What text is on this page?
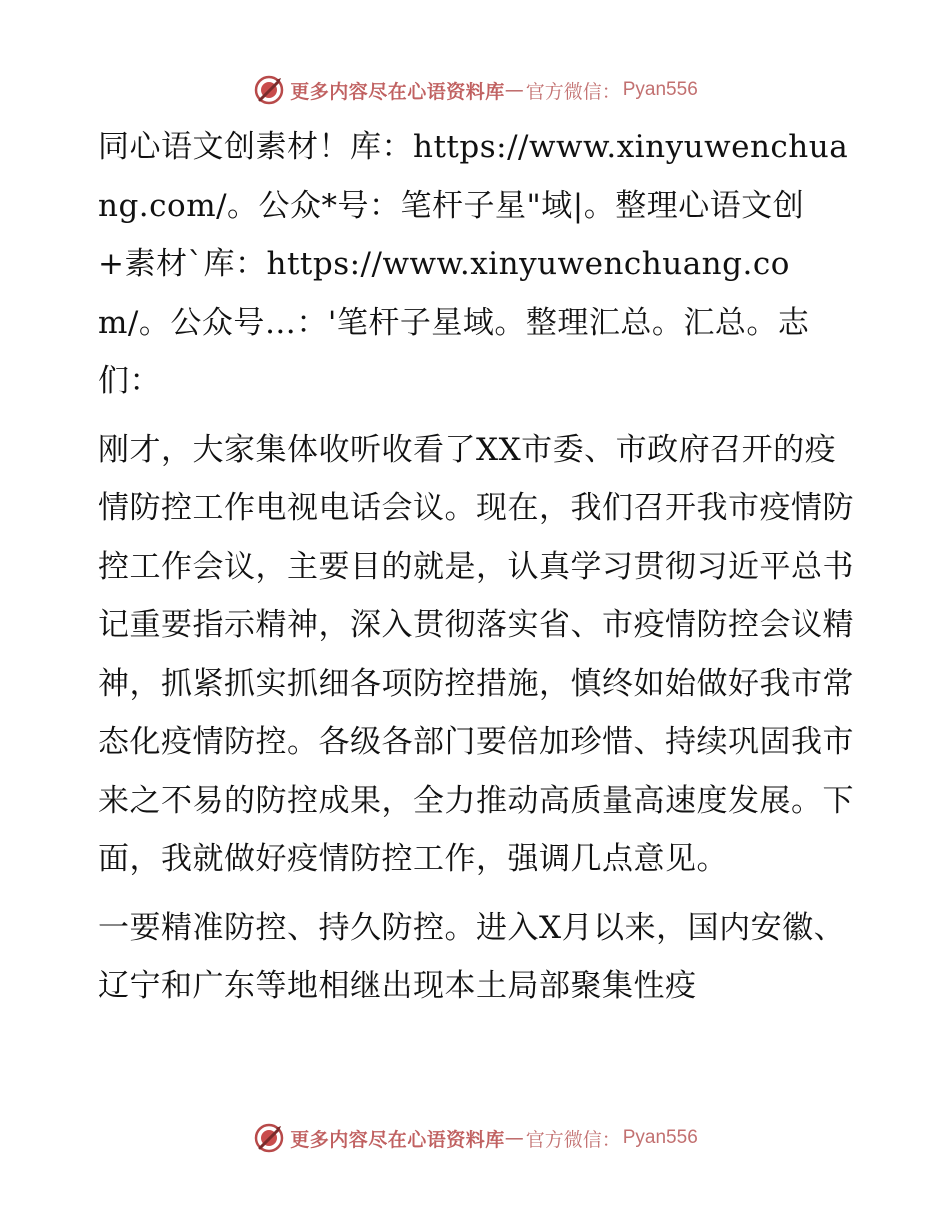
更多内容尽在心语资料库 — 官方微信： Pyan556

同心语文创素材！库：https://www.xinyuwenchuang.com/。公众*号：笔杆子星"域|。整理心语文创+素材`库：https://www.xinyuwenchuang.com/。公众号…：'笔杆子星域。整理汇总。汇总。志们：

刚才，大家集体收听收看了XX市委、市政府召开的疫情防控工作电视电话会议。现在，我们召开我市疫情防控工作会议，主要目的就是，认真学习贯彻习近平总书记重要指示精神，深入贯彻落实省、市疫情防控会议精神，抓紧抓实抓细各项防控措施，慎终如始做好我市常态化疫情防控。各级各部门要倍加珍惜、持续巩固我市来之不易的防控成果，全力推动高质量高速度发展。下面，我就做好疫情防控工作，强调几点意见。

一要精准防控、持久防控。进入X月以来，国内安徽、辽宁和广东等地相继出现本土局部聚集性疫

更多内容尽在心语资料库 — 官方微信： Pyan556
